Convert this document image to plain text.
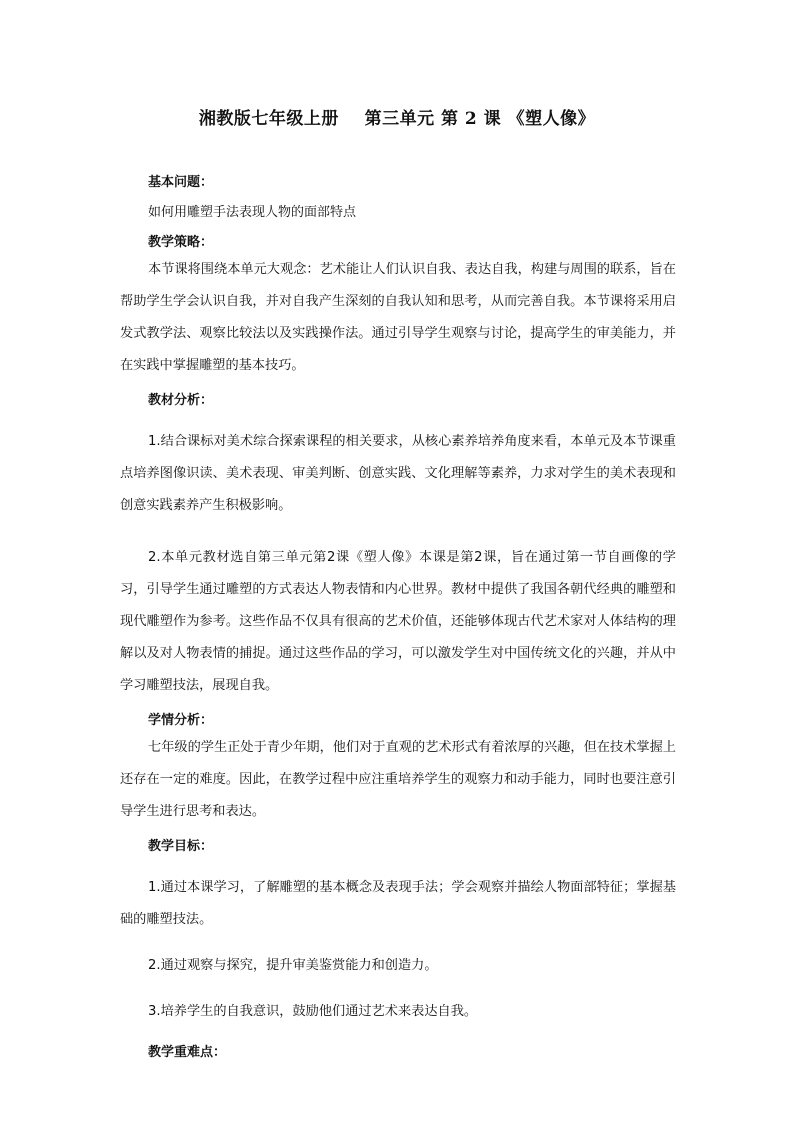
湘教版七年级上册    第三单元 第 2 课 《塑人像》

基本问题：

如何用雕塑手法表现人物的面部特点

教学策略：

本节课将围绕本单元大观念：艺术能让人们认识自我、表达自我，构建与周围的联系，旨在帮助学生学会认识自我，并对自我产生深刻的自我认知和思考，从而完善自我。本节课将采用启发式教学法、观察比较法以及实践操作法。通过引导学生观察与讨论，提高学生的审美能力，并在实践中掌握雕塑的基本技巧。

教材分析：

1.结合课标对美术综合探索课程的相关要求，从核心素养培养角度来看，本单元及本节课重点培养图像识读、美术表现、审美判断、创意实践、文化理解等素养，力求对学生的美术表现和创意实践素养产生积极影响。

2.本单元教材选自第三单元第2课《塑人像》本课是第2课，旨在通过第一节自画像的学习，引导学生通过雕塑的方式表达人物表情和内心世界。教材中提供了我国各朝代经典的雕塑和现代雕塑作为参考。这些作品不仅具有很高的艺术价值，还能够体现古代艺术家对人体结构的理解以及对人物表情的捕捉。通过这些作品的学习，可以激发学生对中国传统文化的兴趣，并从中学习雕塑技法，展现自我。

学情分析：

七年级的学生正处于青少年期，他们对于直观的艺术形式有着浓厚的兴趣，但在技术掌握上还存在一定的难度。因此，在教学过程中应注重培养学生的观察力和动手能力，同时也要注意引导学生进行思考和表达。

教学目标：

1.通过本课学习，了解雕塑的基本概念及表现手法；学会观察并描绘人物面部特征；掌握基础的雕塑技法。

2.通过观察与探究，提升审美鉴赏能力和创造力。

3.培养学生的自我意识，鼓励他们通过艺术来表达自我。

教学重难点：
